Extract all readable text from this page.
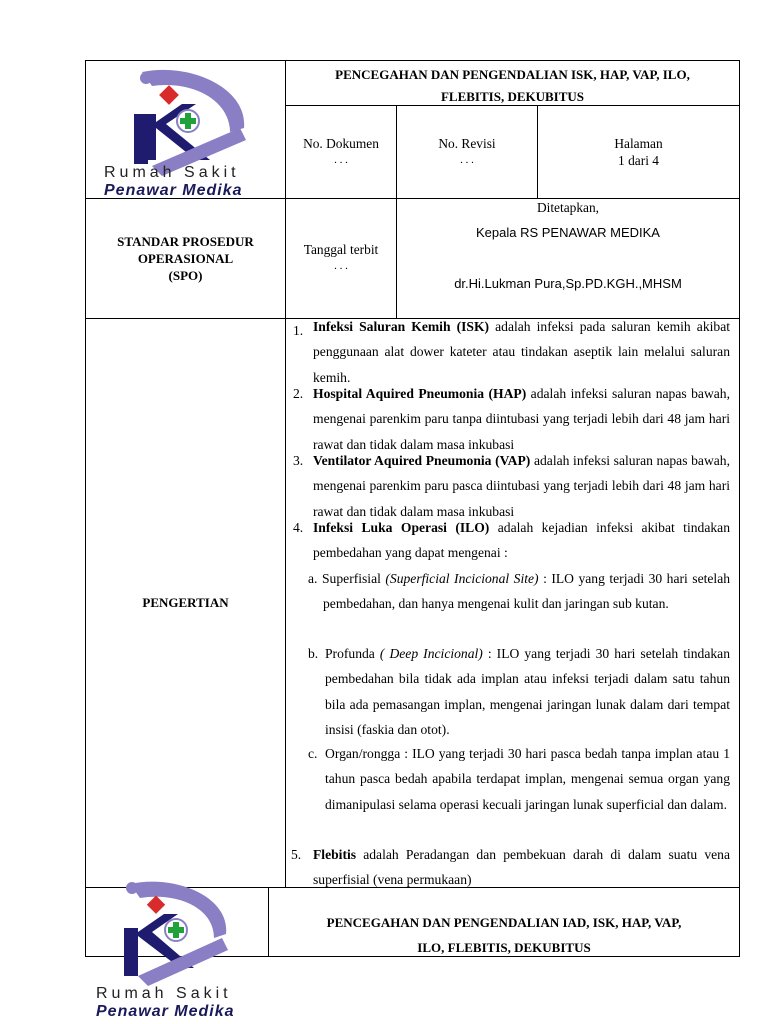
Rumah Sakit
Penawar Medika
PENCEGAHAN DAN PENGENDALIAN ISK, HAP, VAP, ILO,
FLEBITIS, DEKUBITUS
No. Dokumen
. . .
No. Revisi
. . .
Halaman
1 dari 4
STANDAR PROSEDUR
OPERASIONAL
(SPO)
Tanggal terbit
. . .
Ditetapkan,
Kepala RS PENAWAR MEDIKA
dr.Hi.Lukman Pura,Sp.PD.KGH.,MHSM
PENGERTIAN
1. Infeksi Saluran Kemih (ISK) adalah infeksi pada saluran kemih akibat penggunaan alat dower kateter atau tindakan aseptik lain melalui saluran kemih.
2. Hospital Aquired Pneumonia (HAP) adalah infeksi saluran napas bawah, mengenai parenkim paru tanpa diintubasi yang terjadi lebih dari 48 jam hari rawat dan tidak dalam masa inkubasi
3. Ventilator Aquired Pneumonia (VAP) adalah infeksi saluran napas bawah, mengenai parenkim paru pasca diintubasi yang terjadi lebih dari 48 jam hari rawat dan tidak dalam masa inkubasi
4. Infeksi Luka Operasi (ILO) adalah kejadian infeksi akibat tindakan pembedahan yang dapat mengenai :
a. Superfisial (Superficial Incicional Site) : ILO yang terjadi 30 hari setelah pembedahan, dan hanya mengenai kulit dan jaringan sub kutan.
b. Profunda ( Deep Incicional) : ILO yang terjadi 30 hari setelah tindakan pembedahan bila tidak ada implan atau infeksi terjadi dalam satu tahun bila ada pemasangan implan, mengenai jaringan lunak dalam dari tempat insisi (faskia dan otot).
c. Organ/rongga : ILO yang terjadi 30 hari pasca bedah tanpa implan atau 1 tahun pasca bedah apabila terdapat implan, mengenai semua organ yang dimanipulasi selama operasi kecuali jaringan lunak superficial dan dalam.
5. Flebitis adalah Peradangan dan pembekuan darah di dalam suatu vena superfisial (vena permukaan)
Rumah Sakit
Penawar Medika
PENCEGAHAN DAN PENGENDALIAN IAD, ISK, HAP, VAP,
ILO, FLEBITIS, DEKUBITUS
